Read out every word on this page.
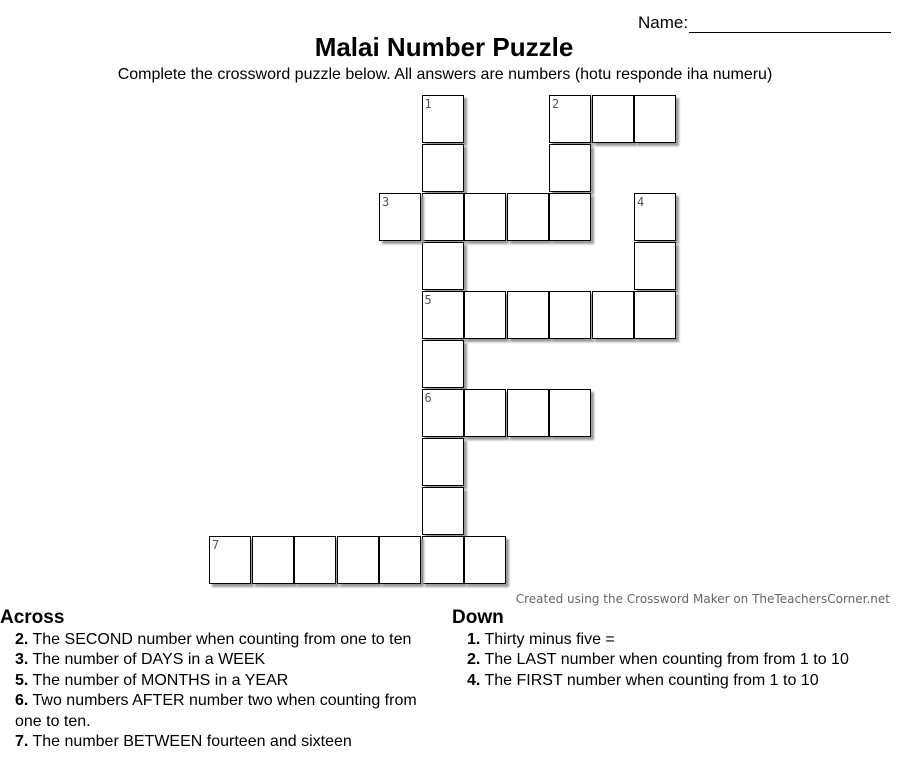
Name:
Malai Number Puzzle
Complete the crossword puzzle below. All answers are numbers (hotu responde iha numeru)
1
5
6
2
3	4
7
Created using the Crossword Maker on TheTeachersCorner.net
Across
2. The SECOND number when counting from one to ten
3. The number of DAYS in a WEEK
5. The number of MONTHS in a YEAR
6. Two numbers AFTER number two when counting from one to ten.
7. The number BETWEEN fourteen and sixteen
Down
1. Thirty minus five =
2. The LAST number when counting from from 1 to 10
4. The FIRST number when counting from 1 to 10
